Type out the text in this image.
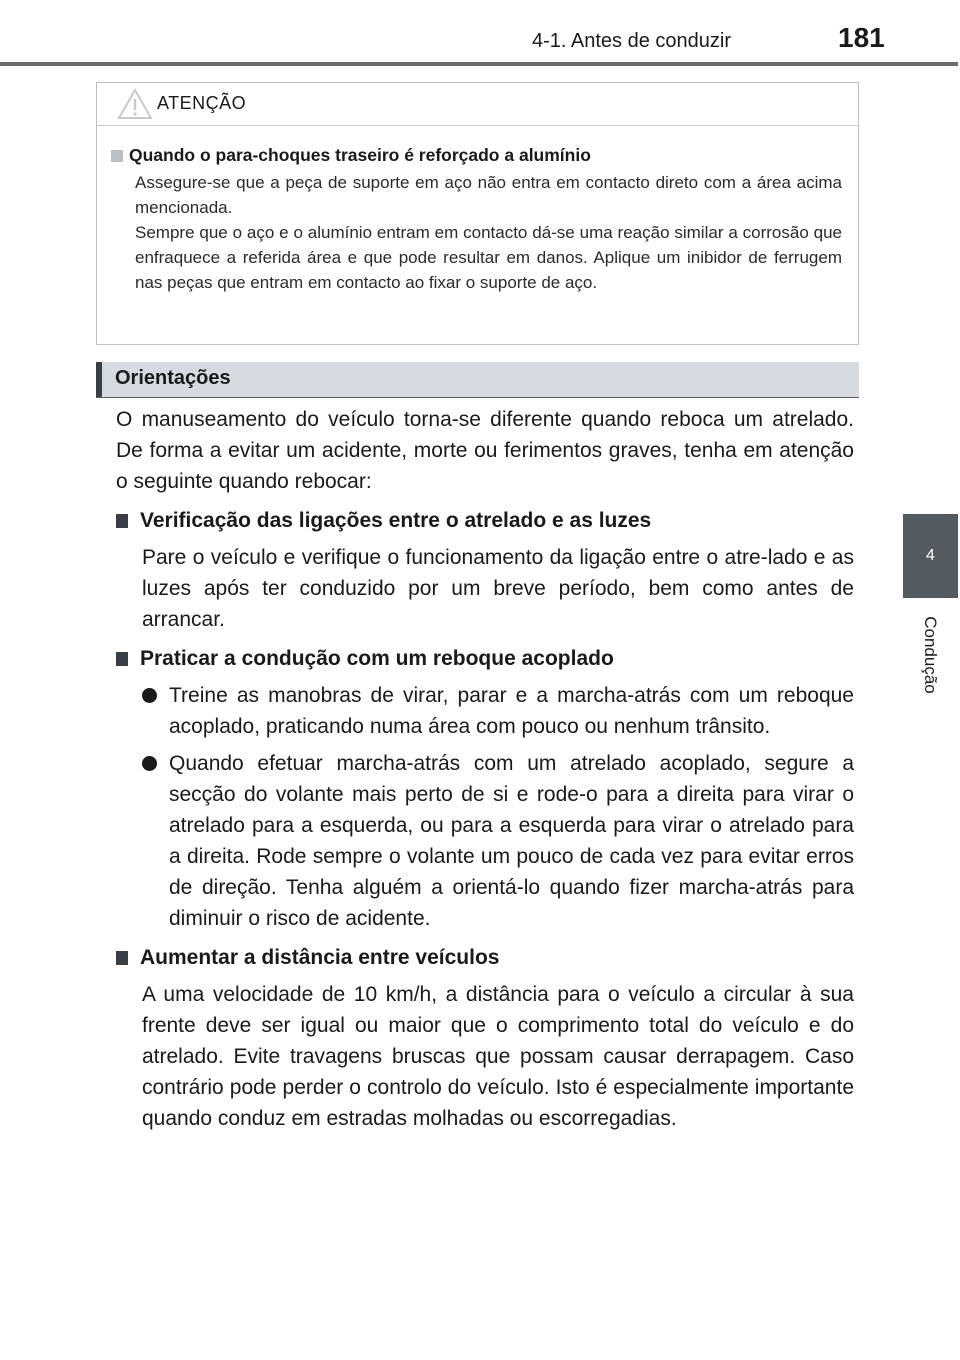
4-1. Antes de conduzir	181
4
Condução
ATENÇÃO
Quando o para-choques traseiro é reforçado a alumínio

Assegure-se que a peça de suporte em aço não entra em contacto direto com a área acima mencionada.

Sempre que o aço e o alumínio entram em contacto dá-se uma reação similar a corrosão que enfraquece a referida área e que pode resultar em danos. Aplique um inibidor de ferrugem nas peças que entram em contacto ao fixar o suporte de aço.

Orientações

O manuseamento do veículo torna-se diferente quando reboca um atrelado. De forma a evitar um acidente, morte ou ferimentos graves, tenha em atenção o seguinte quando rebocar:

Verificação das ligações entre o atrelado e as luzes

Pare o veículo e verifique o funcionamento da ligação entre o atre-lado e as luzes após ter conduzido por um breve período, bem como antes de arrancar.

Praticar a condução com um reboque acoplado

Treine as manobras de virar, parar e a marcha-atrás com um reboque acoplado, praticando numa área com pouco ou nenhum trânsito.

Quando efetuar marcha-atrás com um atrelado acoplado, segure a secção do volante mais perto de si e rode-o para a direita para virar o atrelado para a esquerda, ou para a esquerda para virar o atrelado para a direita. Rode sempre o volante um pouco de cada vez para evitar erros de direção. Tenha alguém a orientá-lo quando fizer marcha-atrás para diminuir o risco de acidente.

Aumentar a distância entre veículos

A uma velocidade de 10 km/h, a distância para o veículo a circular à sua frente deve ser igual ou maior que o comprimento total do veículo e do atrelado. Evite travagens bruscas que possam causar derrapagem. Caso contrário pode perder o controlo do veículo. Isto é especialmente importante quando conduz em estradas molhadas ou escorregadias.
